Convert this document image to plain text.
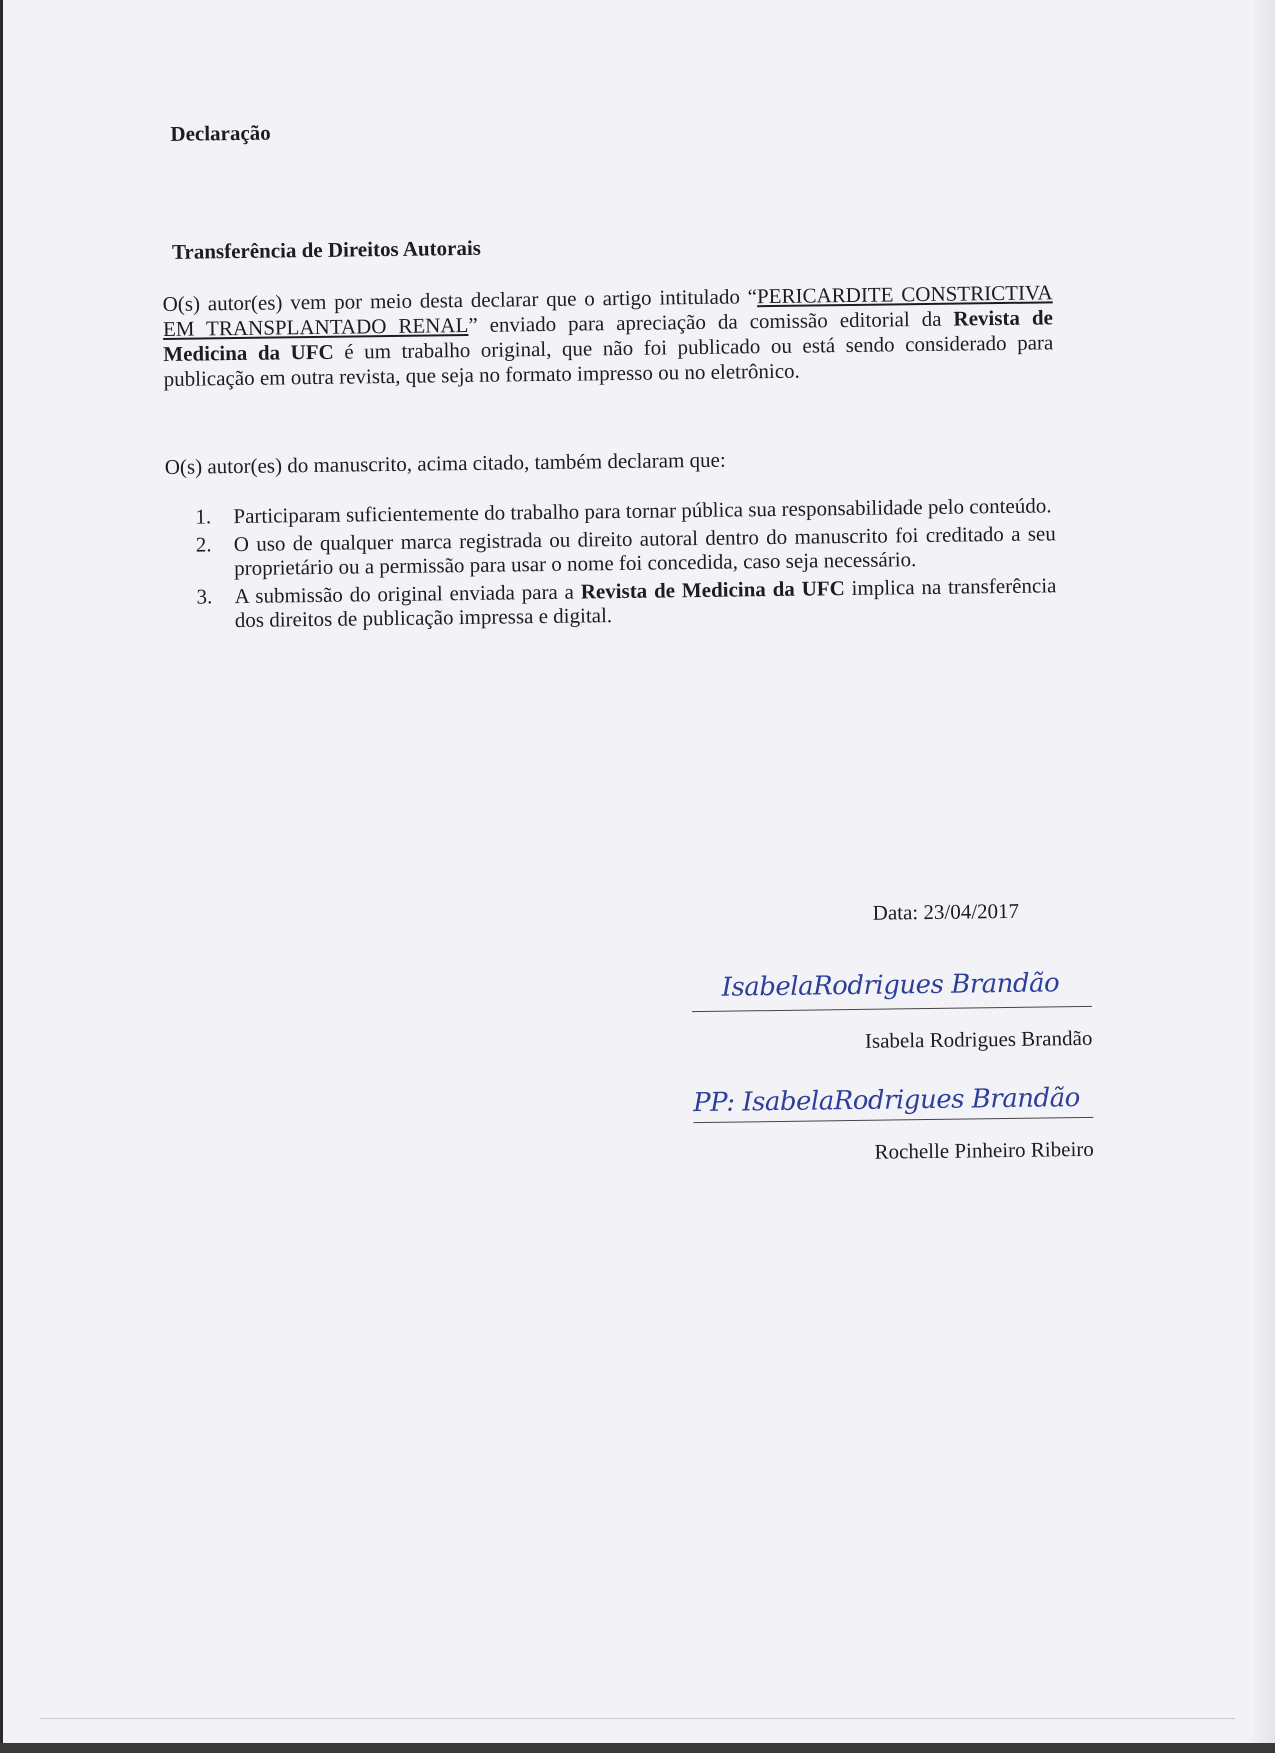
Declaração
Transferência de Direitos Autorais

O(s) autor(es) vem por meio desta declarar que o artigo intitulado “PERICARDITE CONSTRICTIVA EM TRANSPLANTADO RENAL” enviado para apreciação da comissão editorial da Revista de Medicina da UFC é um trabalho original, que não foi publicado ou está sendo considerado para publicação em outra revista, que seja no formato impresso ou no eletrônico.

O(s) autor(es) do manuscrito, acima citado, também declaram que:

1. Participaram suficientemente do trabalho para tornar pública sua responsabilidade pelo conteúdo.
2. O uso de qualquer marca registrada ou direito autoral dentro do manuscrito foi creditado a seu proprietário ou a permissão para usar o nome foi concedida, caso seja necessário.
3. A submissão do original enviada para a Revista de Medicina da UFC implica na transferência dos direitos de publicação impressa e digital.
Data: 23/04/2017
IsabelaRodrigues Brandão
Isabela Rodrigues Brandão
PP: IsabelaRodrigues Brandão
Rochelle Pinheiro Ribeiro
